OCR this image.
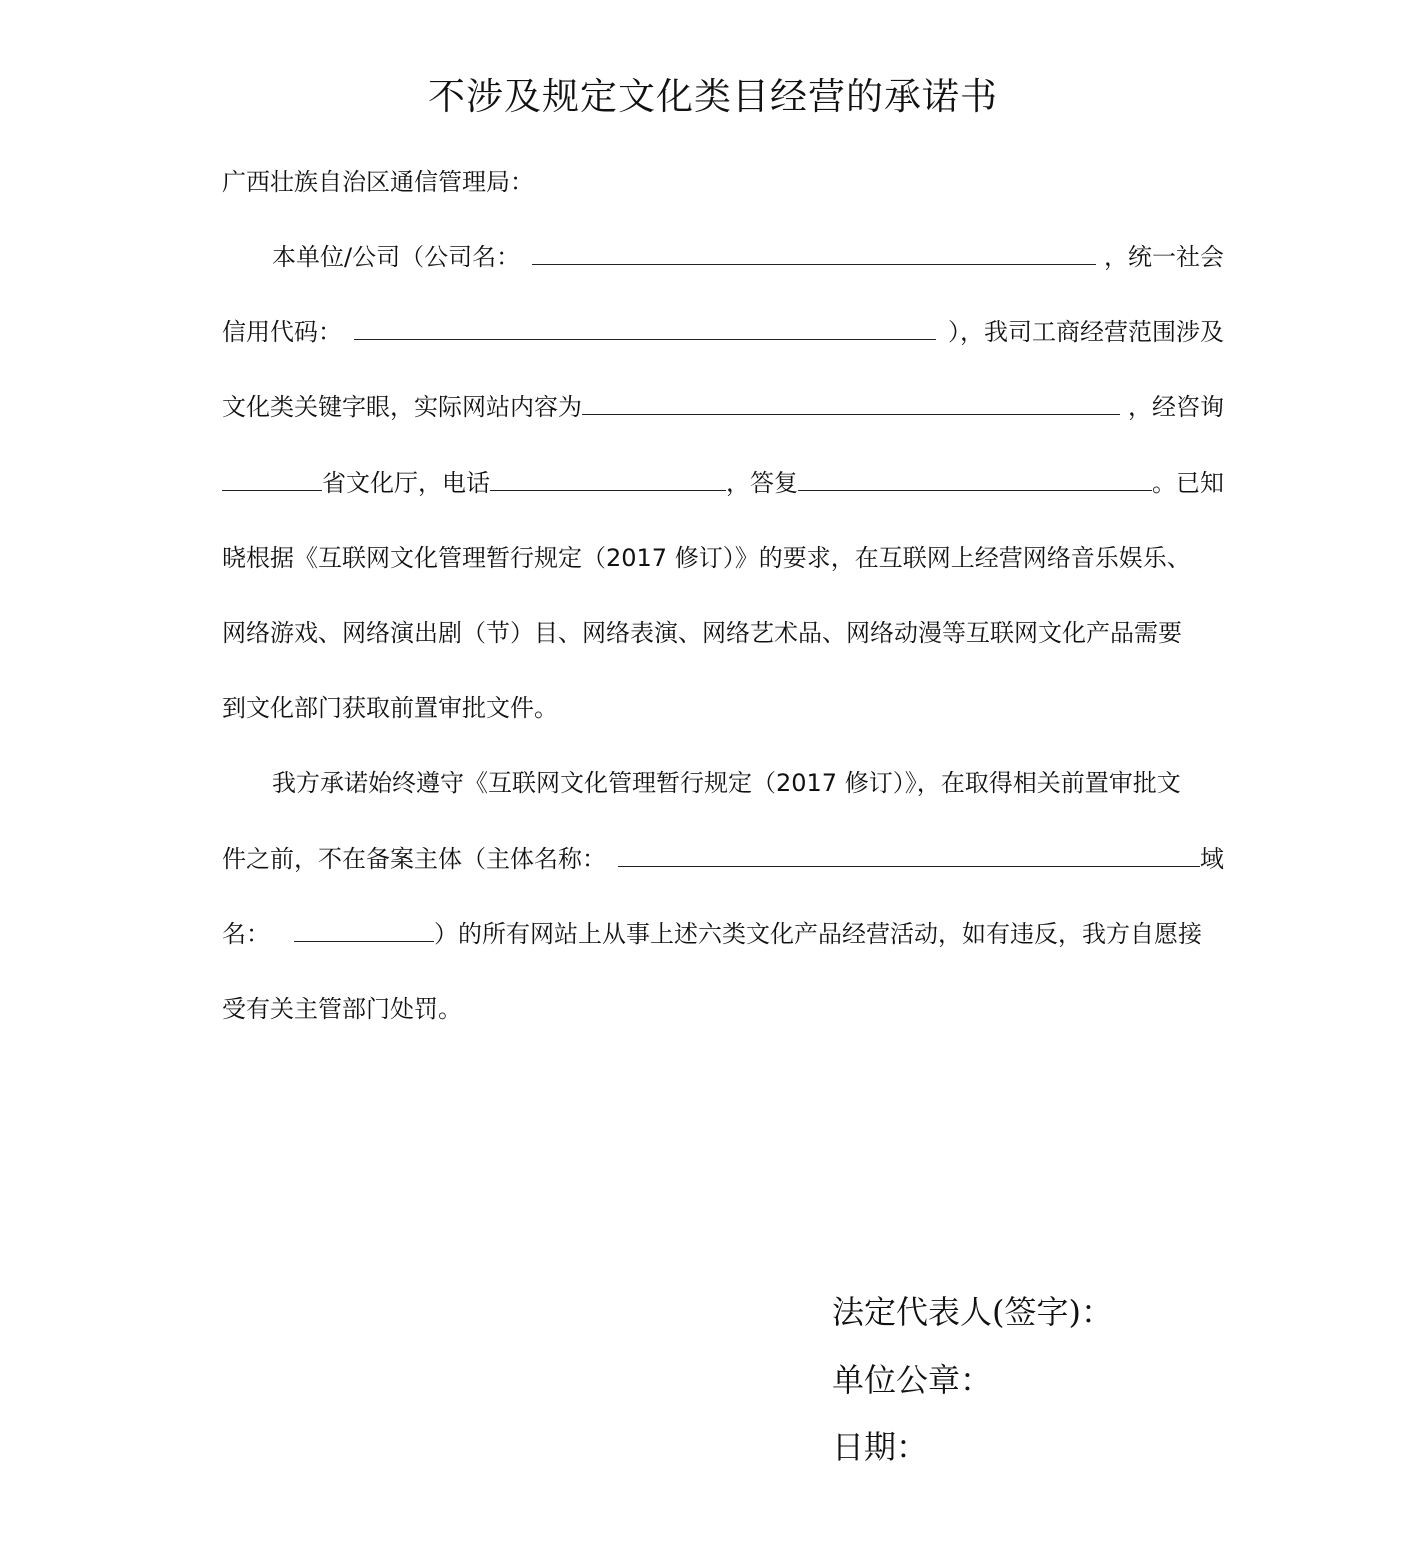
不涉及规定文化类目经营的承诺书
广西壮族自治区通信管理局：
本单位/公司（公司名：	，统一社会
信用代码：	），我司工商经营范围涉及
文化类关键字眼，实际网站内容为	，经咨询
省文化厅，电话	，答复	。已知
晓根据《互联网文化管理暂行规定（2017 修订）》的要求，在互联网上经营网络音乐娱乐、
网络游戏、网络演出剧（节）目、网络表演、网络艺术品、网络动漫等互联网文化产品需要
到文化部门获取前置审批文件。
我方承诺始终遵守《互联网文化管理暂行规定（2017 修订）》，在取得相关前置审批文
件之前，不在备案主体（主体名称：	域
名：	）的所有网站上从事上述六类文化产品经营活动，如有违反，我方自愿接
受有关主管部门处罚。
法定代表人(签字)：
单位公章：
日期：
